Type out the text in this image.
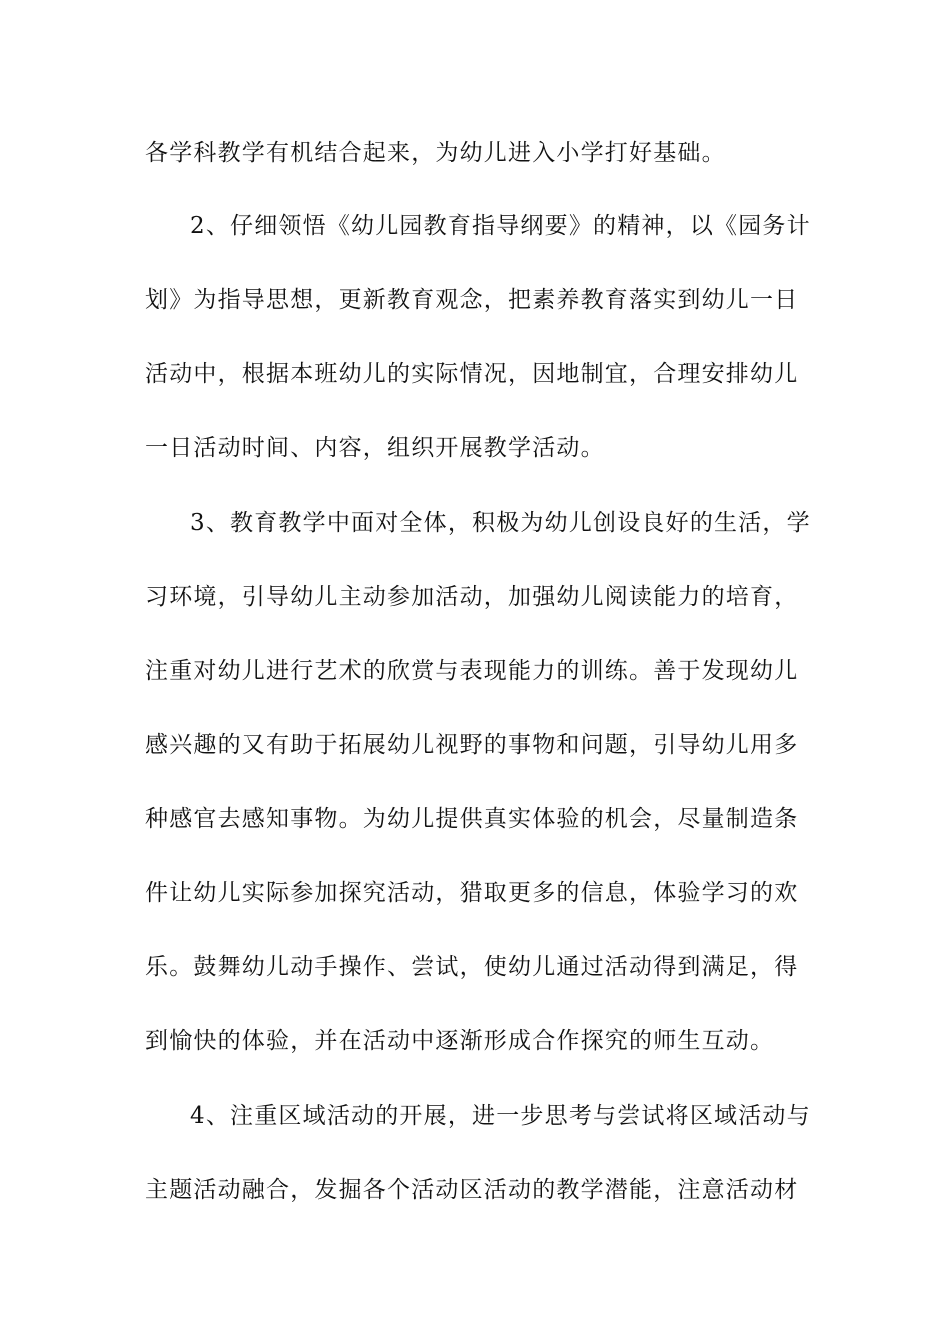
各学科教学有机结合起来，为幼儿进入小学打好基础。
2、仔细领悟《幼儿园教育指导纲要》的精神，以《园务计
划》为指导思想，更新教育观念，把素养教育落实到幼儿一日
活动中，根据本班幼儿的实际情况，因地制宜，合理安排幼儿
一日活动时间、内容，组织开展教学活动。
3、教育教学中面对全体，积极为幼儿创设良好的生活，学
习环境，引导幼儿主动参加活动，加强幼儿阅读能力的培育，
注重对幼儿进行艺术的欣赏与表现能力的训练。善于发现幼儿
感兴趣的又有助于拓展幼儿视野的事物和问题，引导幼儿用多
种感官去感知事物。为幼儿提供真实体验的机会，尽量制造条
件让幼儿实际参加探究活动，猎取更多的信息，体验学习的欢
乐。鼓舞幼儿动手操作、尝试，使幼儿通过活动得到满足，得
到愉快的体验，并在活动中逐渐形成合作探究的师生互动。
4、注重区域活动的开展，进一步思考与尝试将区域活动与
主题活动融合，发掘各个活动区活动的教学潜能，注意活动材
